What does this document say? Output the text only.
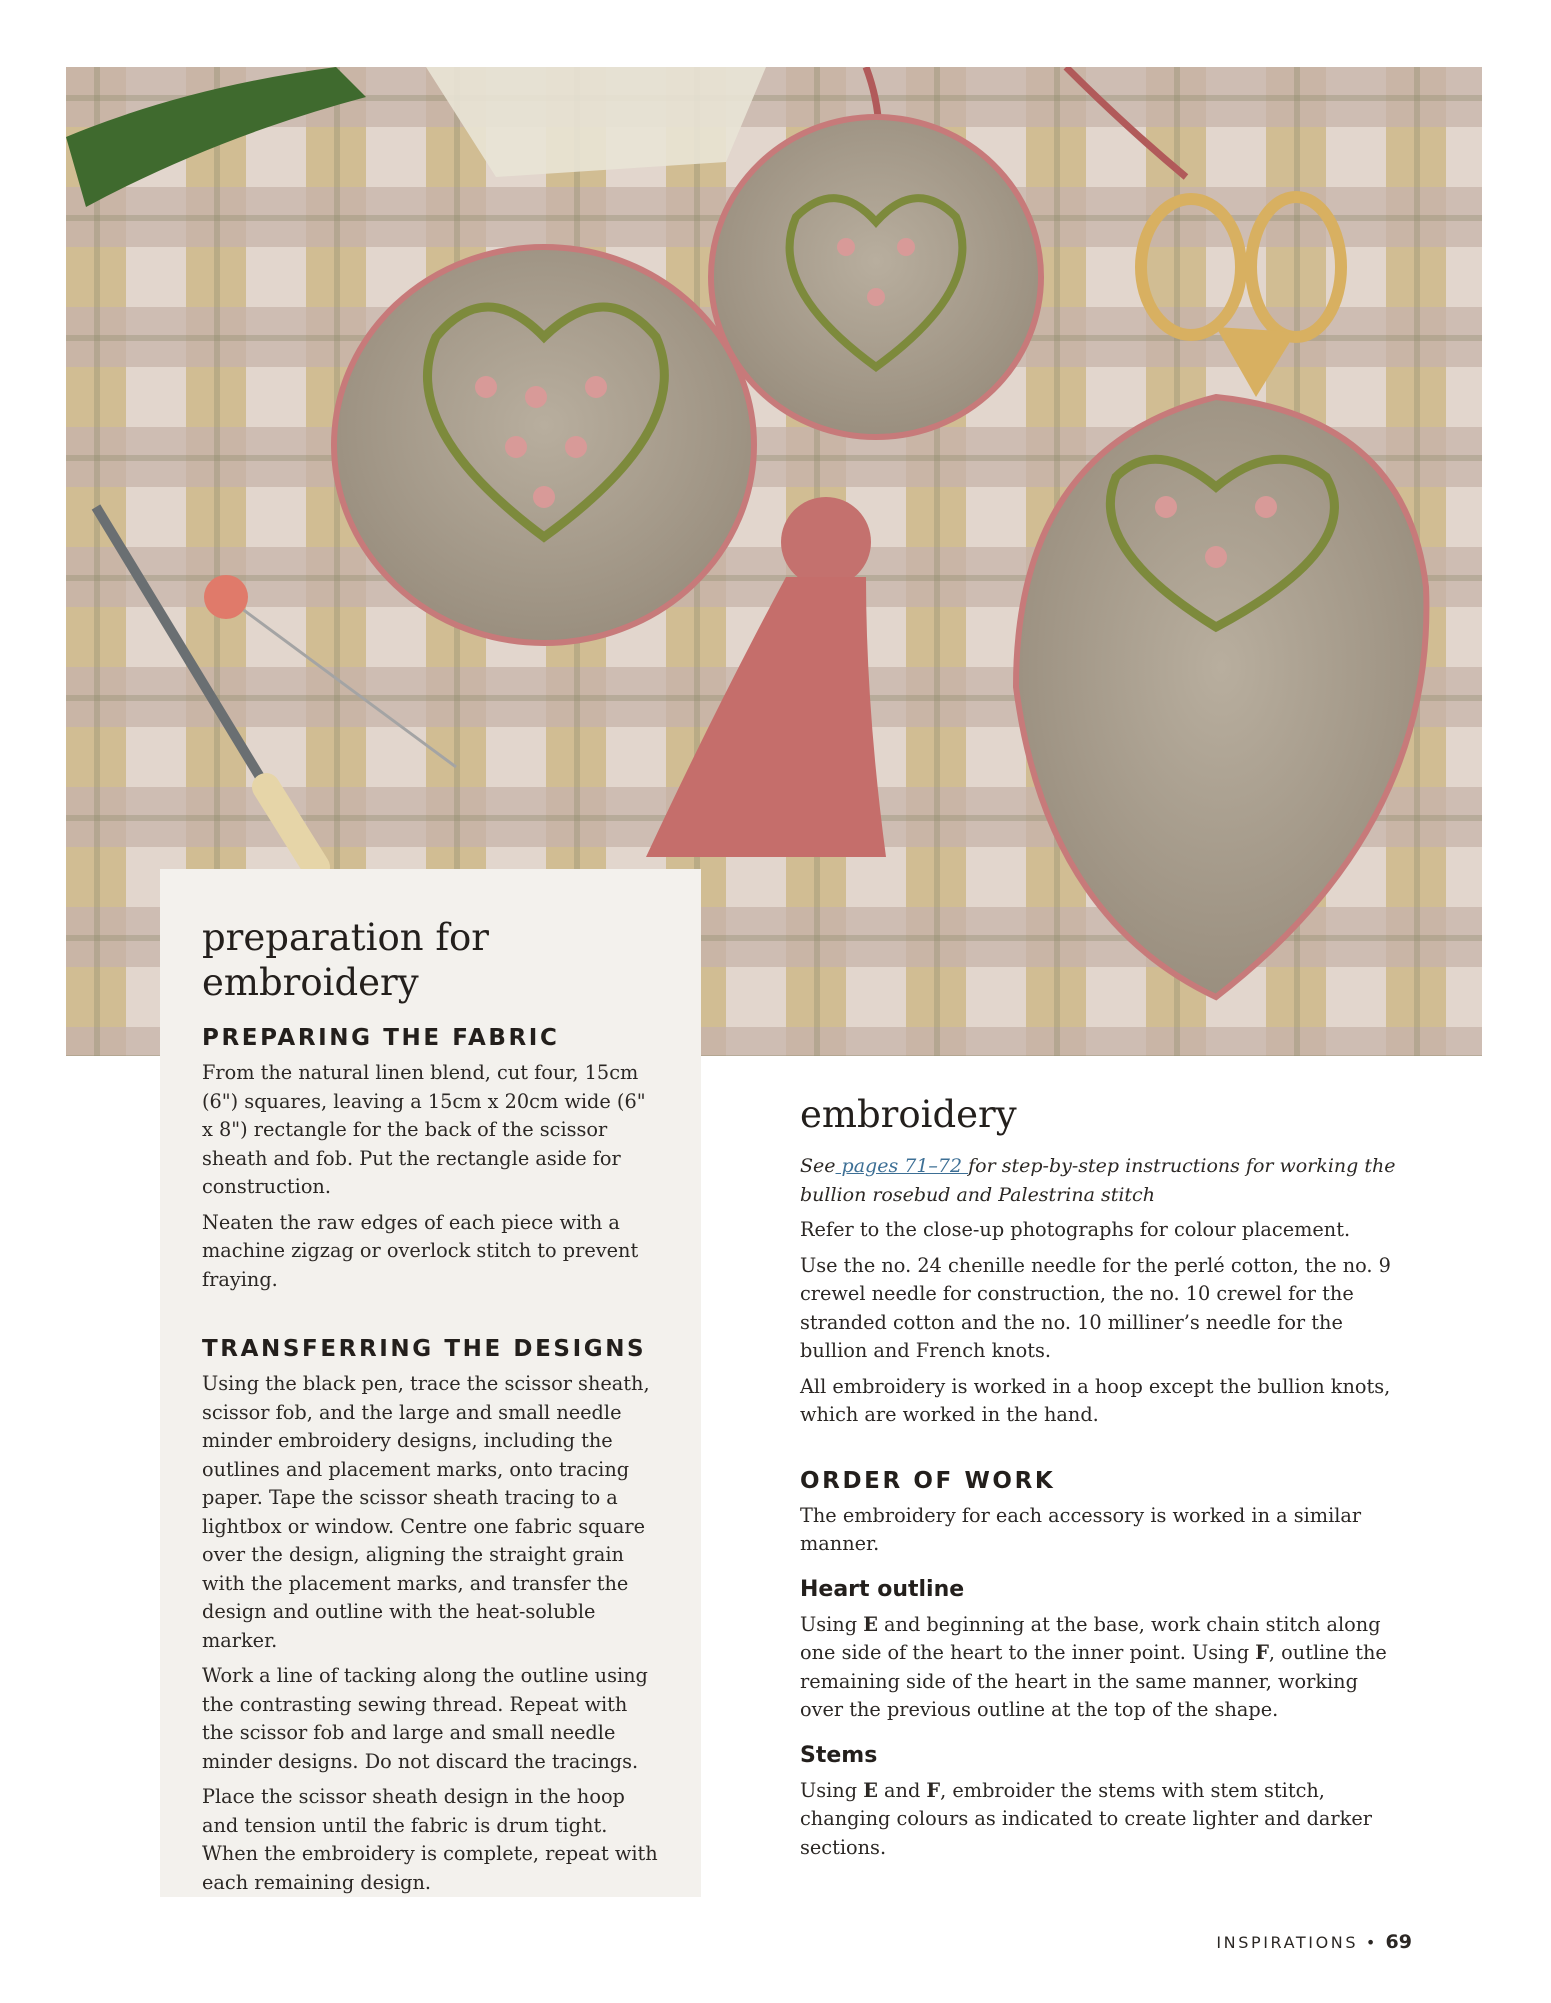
preparation for embroidery
PREPARING THE FABRIC

From the natural linen blend, cut four, 15cm (6") squares, leaving a 15cm x 20cm wide (6" x 8") rectangle for the back of the scissor sheath and fob. Put the rectangle aside for construction.

Neaten the raw edges of each piece with a machine zigzag or overlock stitch to prevent fraying.

TRANSFERRING THE DESIGNS

Using the black pen, trace the scissor sheath, scissor fob, and the large and small needle minder embroidery designs, including the outlines and placement marks, onto tracing paper. Tape the scissor sheath tracing to a lightbox or window. Centre one fabric square over the design, aligning the straight grain with the placement marks, and transfer the design and outline with the heat-soluble marker.

Work a line of tacking along the outline using the contrasting sewing thread. Repeat with the scissor fob and large and small needle minder designs. Do not discard the tracings.

Place the scissor sheath design in the hoop and tension until the fabric is drum tight. When the embroidery is complete, repeat with each remaining design.

embroidery

See pages 71–72 for step-by-step instructions for working the bullion rosebud and Palestrina stitch

Refer to the close-up photographs for colour placement.

Use the no. 24 chenille needle for the perlé cotton, the no. 9 crewel needle for construction, the no. 10 crewel for the stranded cotton and the no. 10 milliner’s needle for the bullion and French knots.

All embroidery is worked in a hoop except the bullion knots, which are worked in the hand.

ORDER OF WORK

The embroidery for each accessory is worked in a similar manner.

Heart outline

Using E and beginning at the base, work chain stitch along one side of the heart to the inner point. Using F, outline the remaining side of the heart in the same manner, working over the previous outline at the top of the shape.

Stems

Using E and F, embroider the stems with stem stitch, changing colours as indicated to create lighter and darker sections.

INSPIRATIONS • 69
